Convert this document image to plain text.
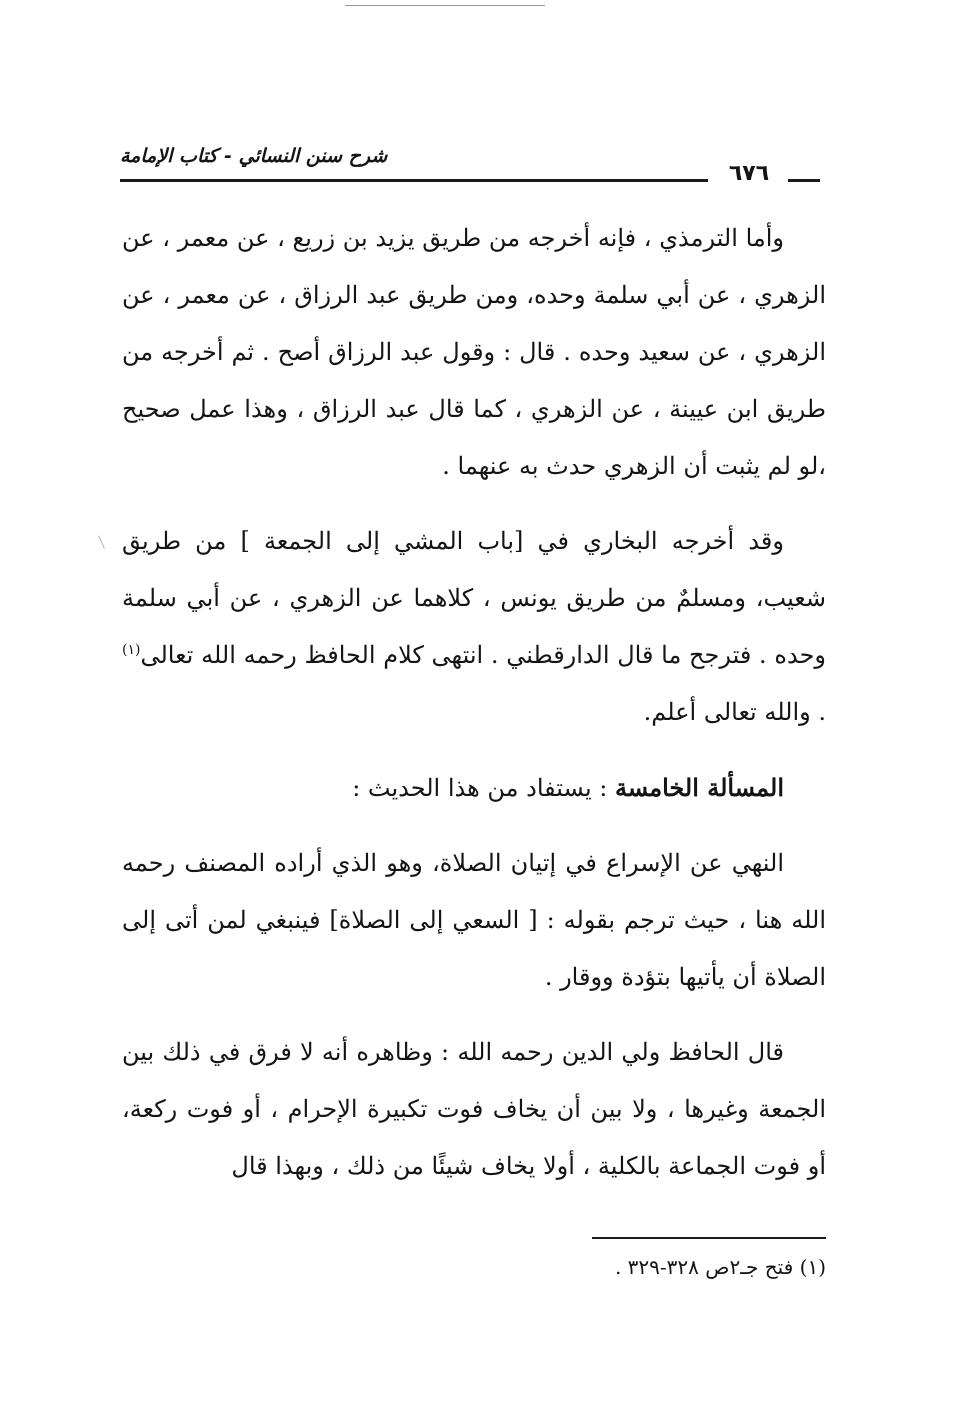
شرح سنن النسائي - كتاب الإمامة
٦٧٦

وأما الترمذي ، فإنه أخرجه من طريق يزيد بن زريع ، عن معمر ، عن الزهري ، عن أبي سلمة وحده، ومن طريق عبد الرزاق ، عن معمر ، عن الزهري ، عن سعيد وحده . قال : وقول عبد الرزاق أصح . ثم أخرجه من طريق ابن عيينة ، عن الزهري ، كما قال عبد الرزاق ، وهذا عمل صحيح ،لو لم يثبت أن الزهري حدث به عنهما .

وقد أخرجه البخاري في [باب المشي إلى الجمعة ] من طريق شعيب، ومسلمٌ من طريق يونس ، كلاهما عن الزهري ، عن أبي سلمة وحده . فترجح ما قال الدارقطني . انتهى كلام الحافظ رحمه الله تعالى$^{(١)}$ . والله تعالى أعلم.

المسألة الخامسة : يستفاد من هذا الحديث :

النهي عن الإسراع في إتيان الصلاة، وهو الذي أراده المصنف رحمه الله هنا ، حيث ترجم بقوله : [ السعي إلى الصلاة] فينبغي لمن أتى إلى الصلاة أن يأتيها بتؤدة ووقار .

قال الحافظ ولي الدين رحمه الله : وظاهره أنه لا فرق في ذلك بين الجمعة وغيرها ، ولا بين أن يخاف فوت تكبيرة الإحرام ، أو فوت ركعة، أو فوت الجماعة بالكلية ، أولا يخاف شيئًا من ذلك ، وبهذا قال

(١) فتح جـ٢ص ٣٢٨-٣٢٩ .
